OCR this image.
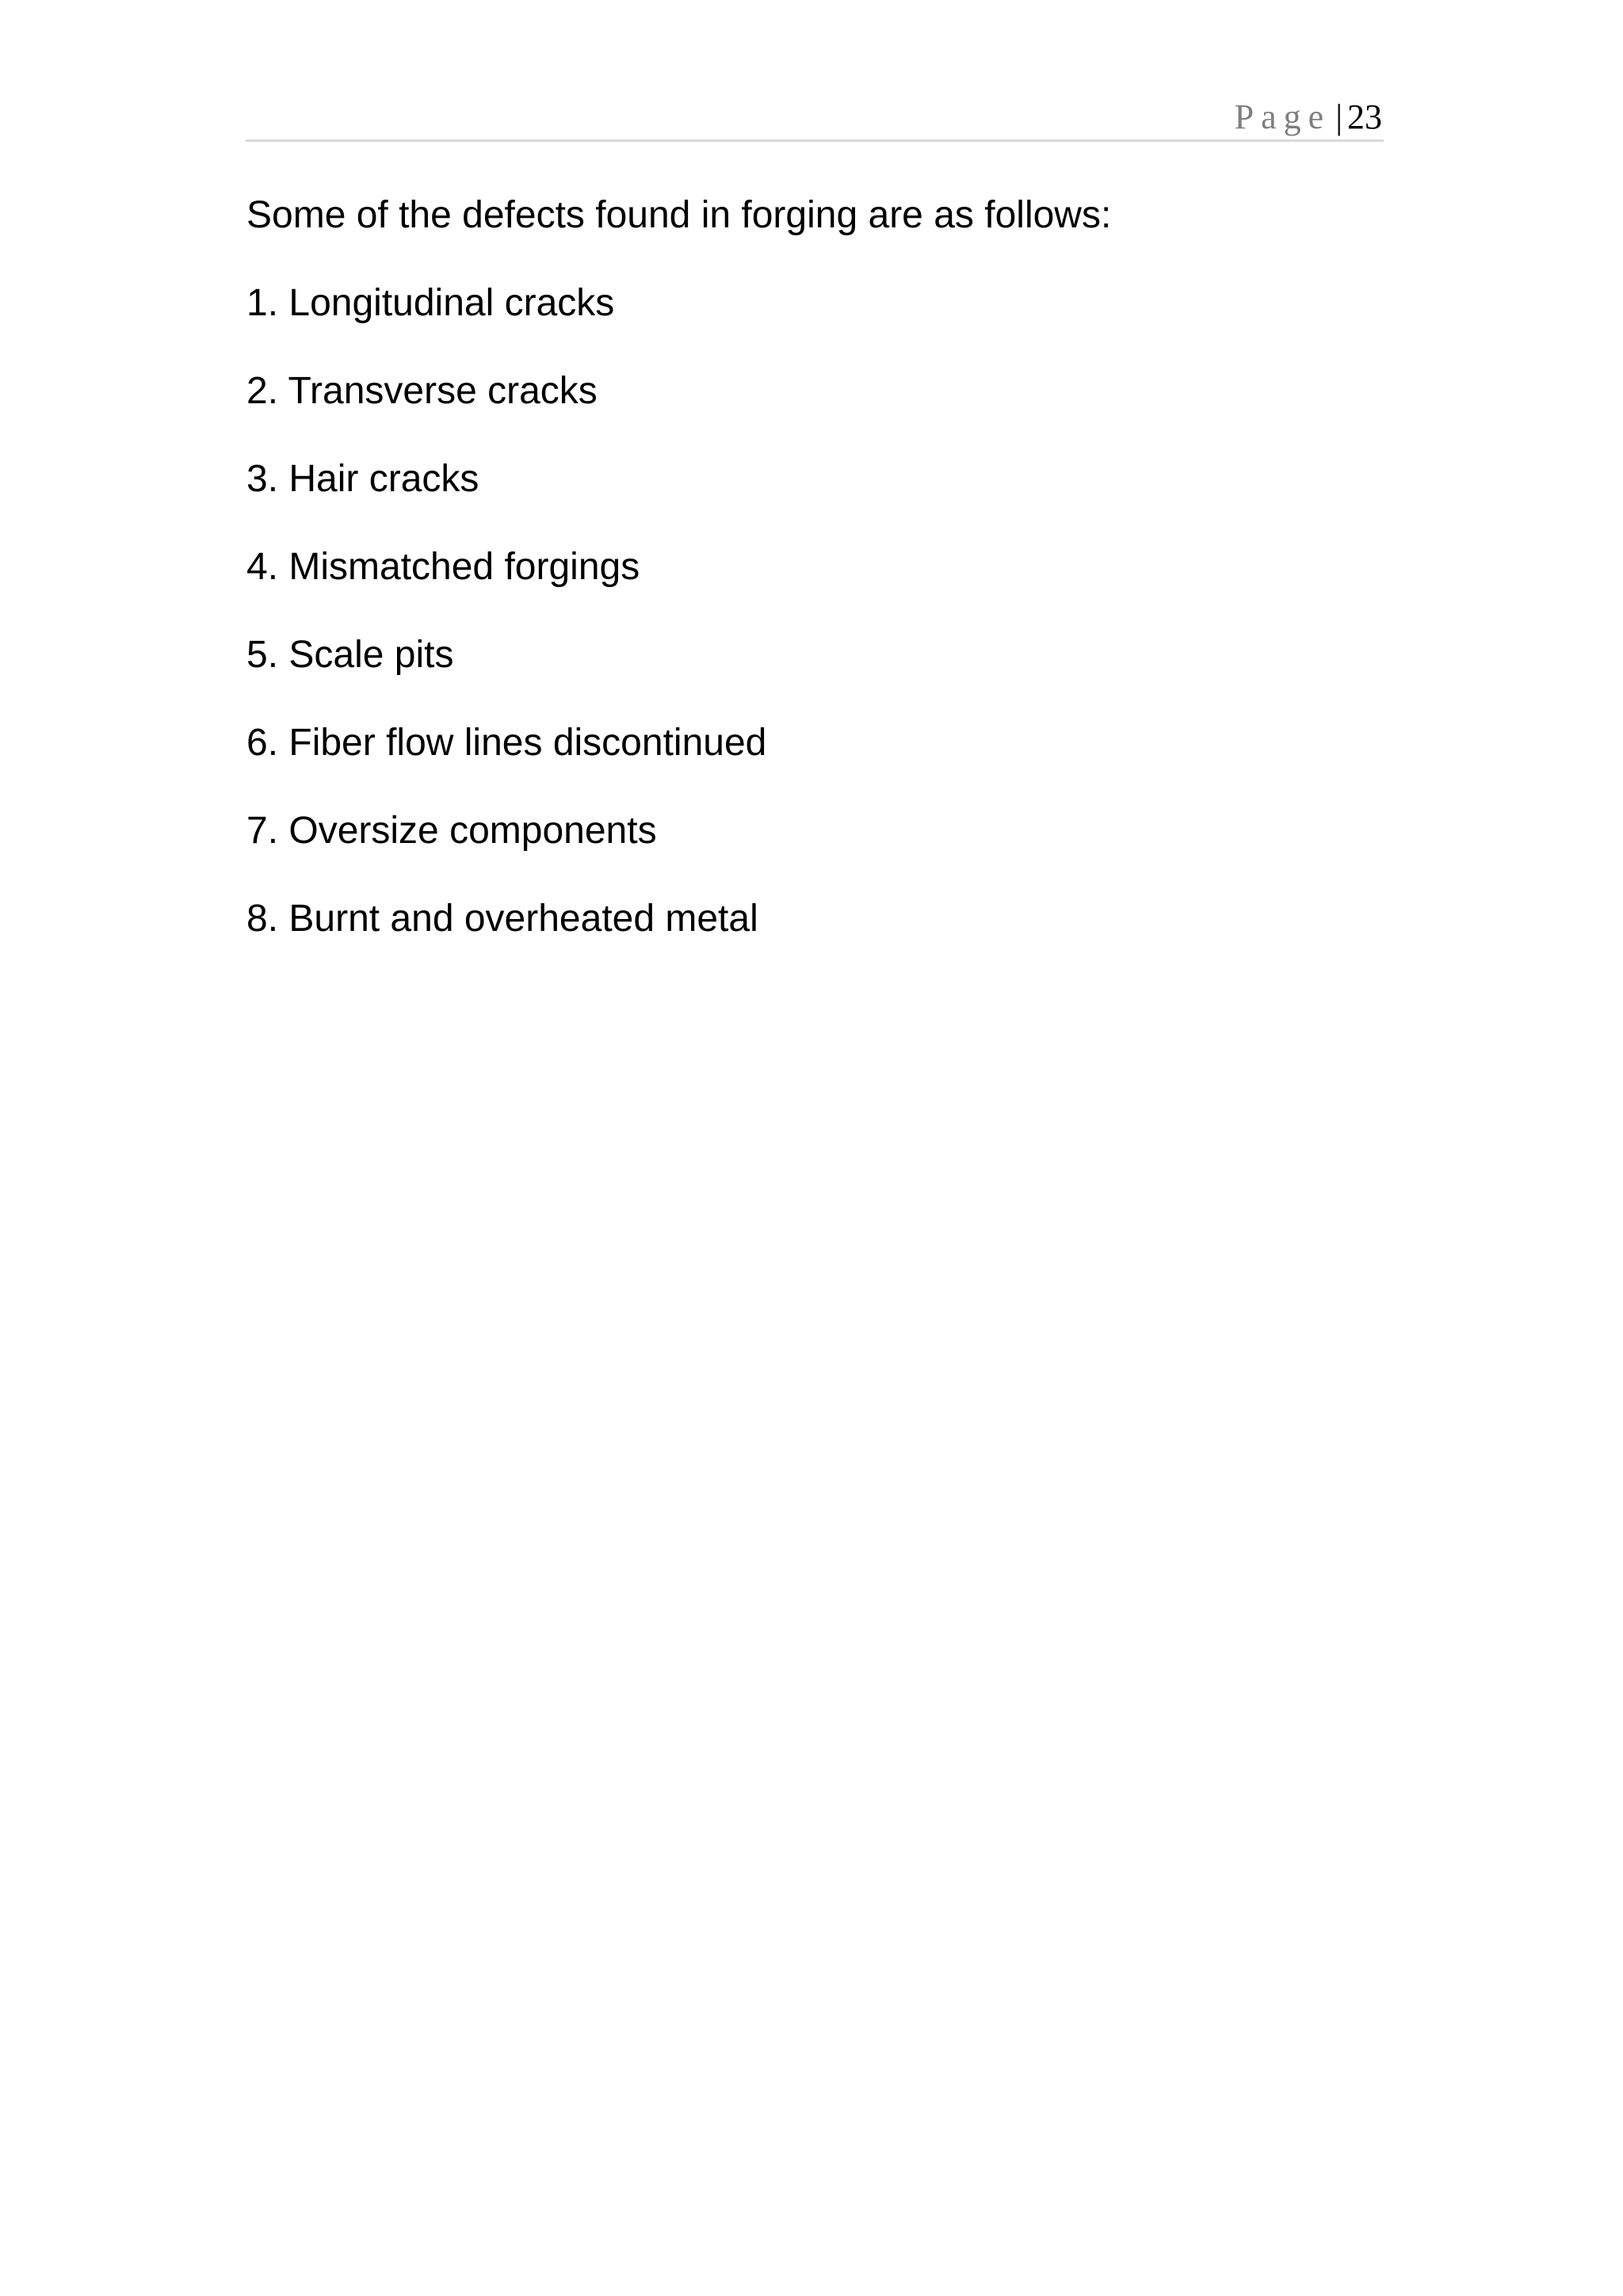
Page | 23

Some of the defects found in forging are as follows:

1. Longitudinal cracks
2. Transverse cracks
3. Hair cracks
4. Mismatched forgings
5. Scale pits
6. Fiber flow lines discontinued
7. Oversize components
8. Burnt and overheated metal
